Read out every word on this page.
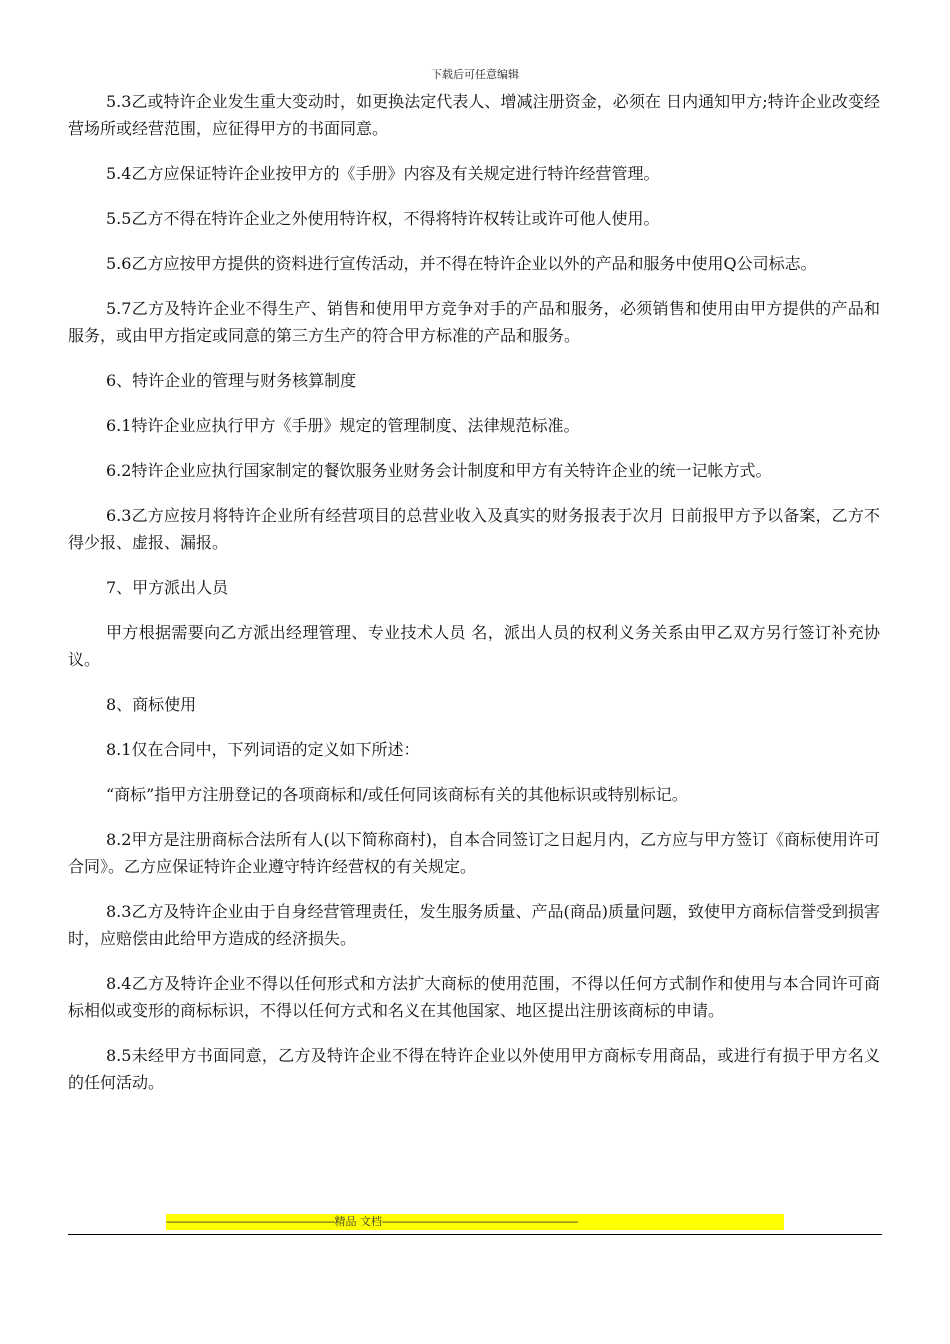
下载后可任意编辑

5.3乙或特许企业发生重大变动时，如更换法定代表人、增减注册资金，必须在 日内通知甲方;特许企业改变经营场所或经营范围，应征得甲方的书面同意。

5.4乙方应保证特许企业按甲方的《手册》内容及有关规定进行特许经营管理。

5.5乙方不得在特许企业之外使用特许权，不得将特许权转让或许可他人使用。

5.6乙方应按甲方提供的资料进行宣传活动，并不得在特许企业以外的产品和服务中使用Q公司标志。

5.7乙方及特许企业不得生产、销售和使用甲方竞争对手的产品和服务，必须销售和使用由甲方提供的产品和服务，或由甲方指定或同意的第三方生产的符合甲方标准的产品和服务。

6、特许企业的管理与财务核算制度

6.1特许企业应执行甲方《手册》规定的管理制度、法律规范标准。

6.2特许企业应执行国家制定的餐饮服务业财务会计制度和甲方有关特许企业的统一记帐方式。

6.3乙方应按月将特许企业所有经营项目的总营业收入及真实的财务报表于次月 日前报甲方予以备案，乙方不得少报、虚报、漏报。

7、甲方派出人员

甲方根据需要向乙方派出经理管理、专业技术人员 名，派出人员的权利义务关系由甲乙双方另行签订补充协议。

8、商标使用

8.1仅在合同中，下列词语的定义如下所述：

“商标”指甲方注册登记的各项商标和/或任何同该商标有关的其他标识或特别标记。

8.2甲方是注册商标合法所有人(以下简称商村)，自本合同签订之日起月内，乙方应与甲方签订《商标使用许可合同》。乙方应保证特许企业遵守特许经营权的有关规定。

8.3乙方及特许企业由于自身经营管理责任，发生服务质量、产品(商品)质量问题，致使甲方商标信誉受到损害时，应赔偿由此给甲方造成的经济损失。

8.4乙方及特许企业不得以任何形式和方法扩大商标的使用范围，不得以任何方式制作和使用与本合同许可商标相似或变形的商标标识，不得以任何方式和名义在其他国家、地区提出注册该商标的申请。

8.5未经甲方书面同意，乙方及特许企业不得在特许企业以外使用甲方商标专用商品，或进行有损于甲方名义的任何活动。

--------------------------------------------------------------精品 文档------------------------------------------------------------------------
